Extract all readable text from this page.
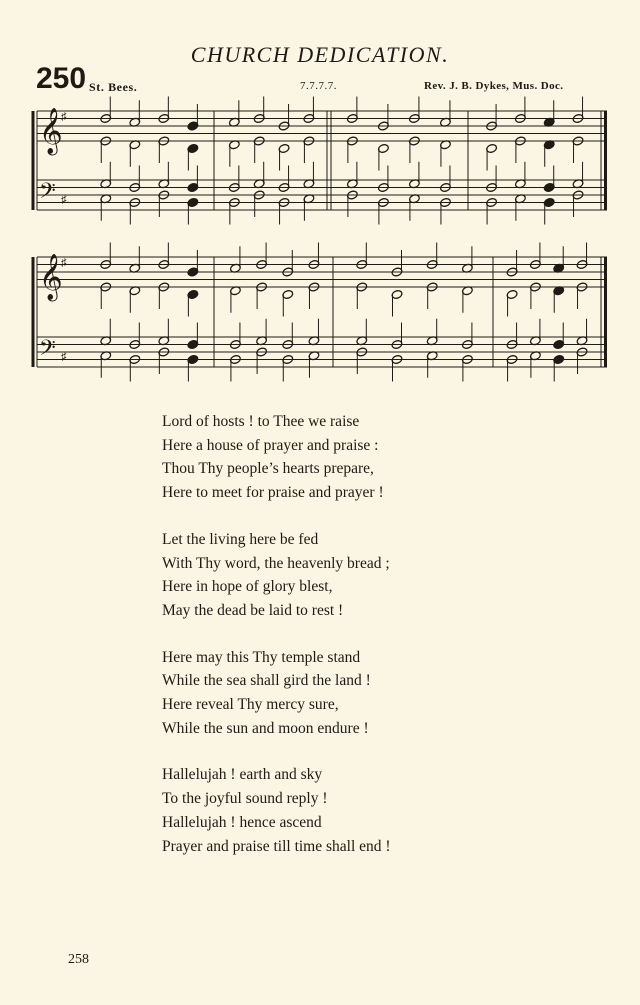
CHURCH DEDICATION.
250 St. Bees.	7.7.7.7.	Rev. J. B. Dykes, Mus. Doc.
𝄞
♯
𝄢 ♯
𝄞
♯
𝄢 ♯
Lord of hosts ! to Thee we raise
Here a house of prayer and praise :
Thou Thy people’s hearts prepare,
Here to meet for praise and prayer !
Let the living here be fed
With Thy word, the heavenly bread ;
Here in hope of glory blest,
May the dead be laid to rest !
Here may this Thy temple stand
While the sea shall gird the land !
Here reveal Thy mercy sure,
While the sun and moon endure !
Hallelujah ! earth and sky
To the joyful sound reply !
Hallelujah ! hence ascend
Prayer and praise till time shall end !
258
